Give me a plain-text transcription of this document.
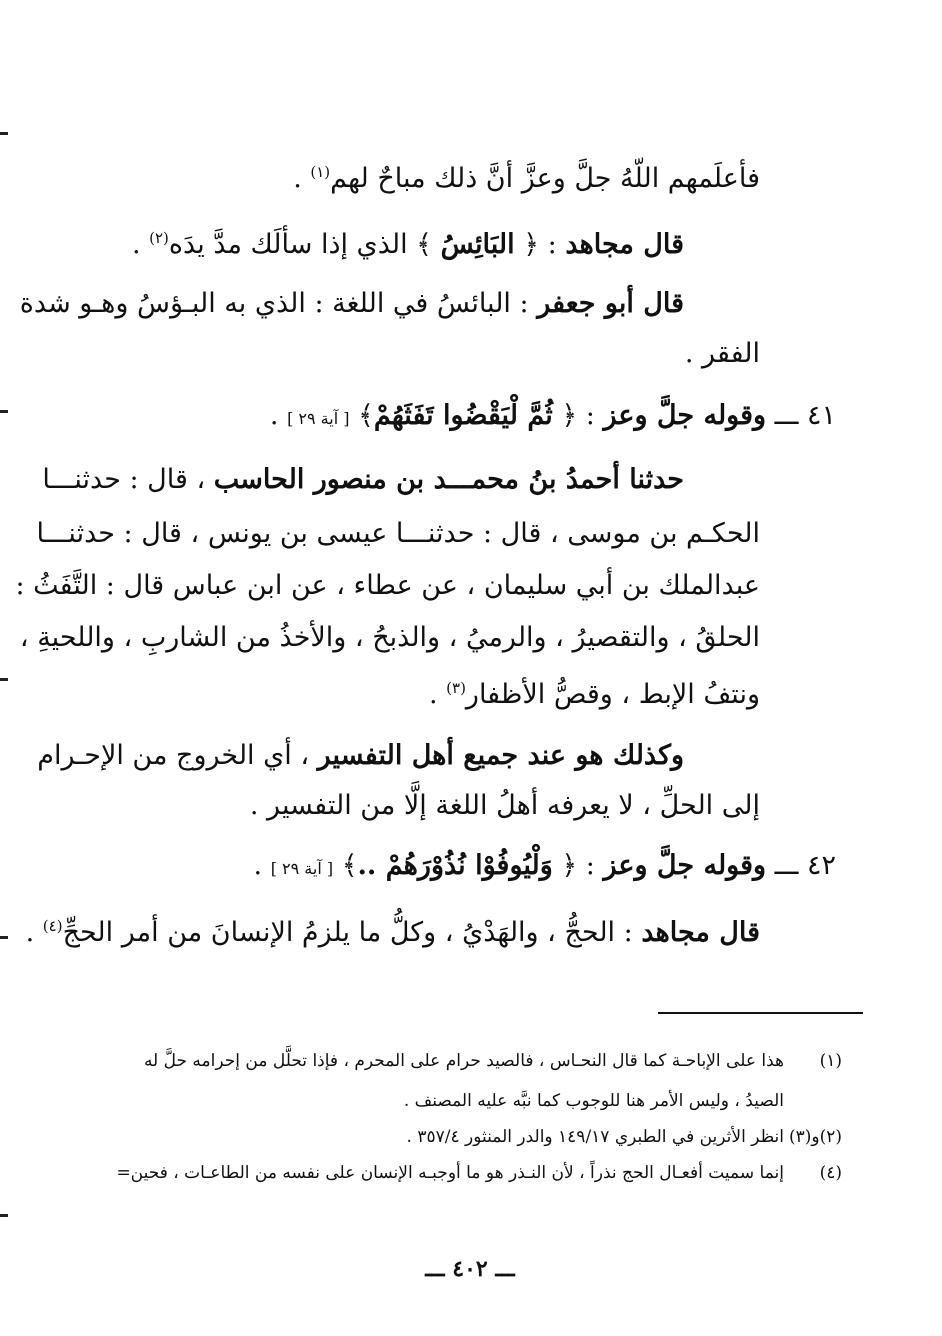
فأعلَمهم اللّهُ جلَّ وعزَّ أنَّ ذلك مباحٌ لهم$^{(١)}$ .
قال مجاهد : ﴿ البَائِسُ ﴾ الذي إذا سألَك مدَّ يدَه$^{(٢)}$ .
قال أبو جعفر : البائسُ في اللغة : الذي به البـؤسُ وهـو شدة
الفقر .
٤١ ـــ وقوله جلَّ وعز : ﴿ ثُمَّ لْيَقْضُوا تَفَثَهُمْ﴾ [ آية ٢٩ ] .
حدثنا أحمدُ بنُ محمـــد بن منصور الحاسب ، قال : حدثنـــا
الحكـم بن موسى ، قال : حدثنـــا عيسى بن يونس ، قال : حدثنـــا
عبدالملك بن أبي سليمان ، عن عطاء ، عن ابن عباس قال : التَّفَثُ :
الحلقُ ، والتقصيرُ ، والرميُ ، والذبحُ ، والأخذُ من الشاربِ ، واللحيةِ ،
ونتفُ الإبط ، وقصُّ الأظفار$^{(٣)}$ .
وكذلك هو عند جميع أهل التفسير ، أي الخروج من الإحـرام
إلى الحلِّ ، لا يعرفه أهلُ اللغة إلَّا من التفسير .
٤٢ ـــ وقوله جلَّ وعز : ﴿ وَلْيُوفُوْا نُذُوْرَهُمْ ..﴾ [ آية ٢٩ ] .
قال مجاهد : الحجُّ ، والهَدْيُ ، وكلُّ ما يلزمُ الإنسانَ من أمر الحجِّ$^{(٤)}$ .
(١)هذا على الإباحـة كما قال النحـاس ، فالصيد حرام على المحرم ، فإذا تحلَّل من إحرامه حلَّ له
الصيدُ ، وليس الأمر هنا للوجوب كما نبَّه عليه المصنف .
(٢)و(٣)انظر الأثرين في الطبري ١٤٩/١٧ والدر المنثور ٣٥٧/٤ .
(٤)إنما سميت أفعـال الحج نذراً ، لأن النـذر هو ما أوجبـه الإنسان على نفسه من الطاعـات ، فحين=
ـــ ٤٠٢ ـــ
